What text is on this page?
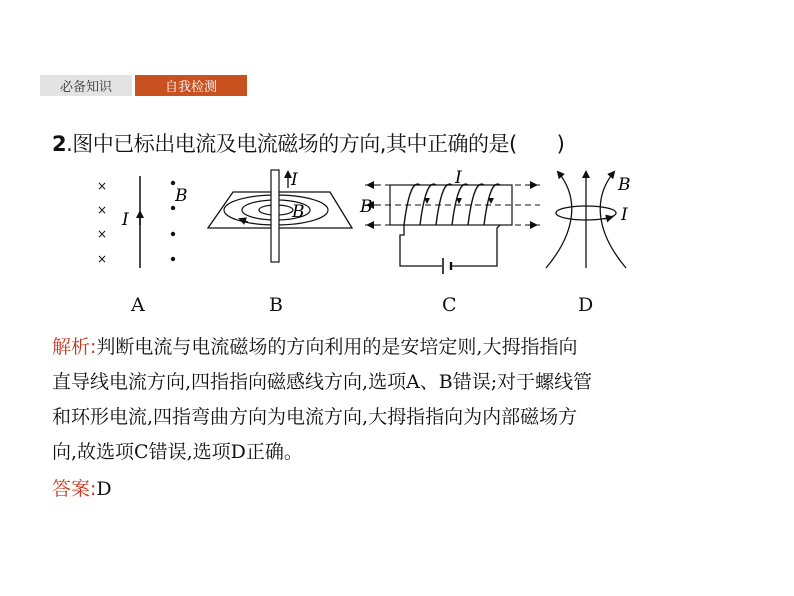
必备知识	自我检测
2.图中已标出电流及电流磁场的方向,其中正确的是( )
×
×
×
×
I
B
I
B
I
B
B
I
A	B	C	D
解析:判断电流与电流磁场的方向利用的是安培定则,大拇指指向
直导线电流方向,四指指向磁感线方向,选项A、B错误;对于螺线管
和环形电流,四指弯曲方向为电流方向,大拇指指向为内部磁场方
向,故选项C错误,选项D正确。
答案:D
